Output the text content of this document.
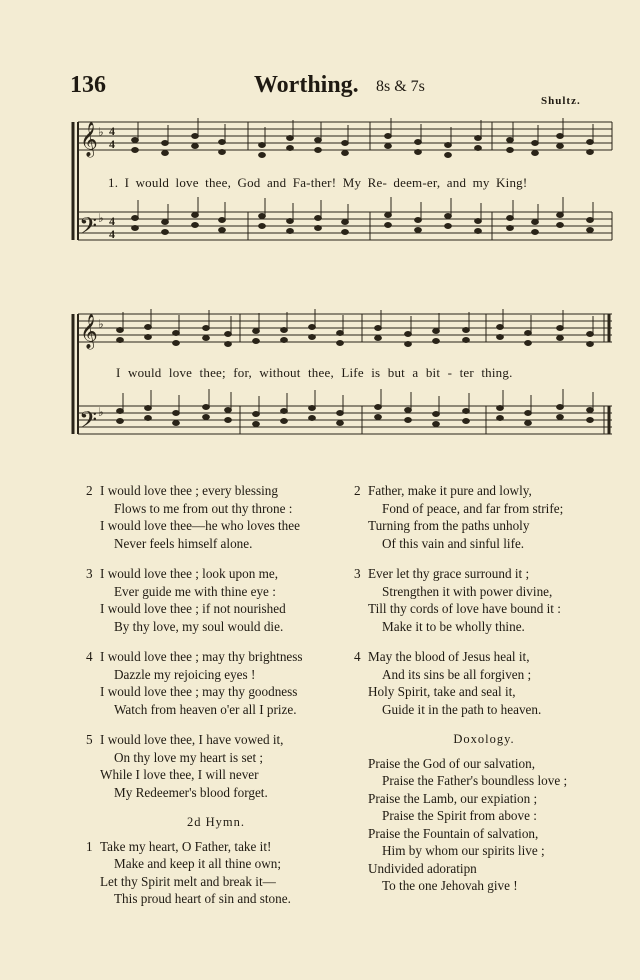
136	Worthing. 8s & 7s
Shultz.
𝄞
𝄢
♭
♭
4
4
4
4
1. I would love thee, God and Fa-ther! My Re- deem-er, and my King!
𝄞
𝄢
♭
♭
I would love thee; for, without thee, Life is but a bit - ter thing.
2 I would love thee ; every blessing
Flows to me from out thy throne :
I would love thee—he who loves thee
Never feels himself alone.
3 I would love thee ; look upon me,
Ever guide me with thine eye :
I would love thee ; if not nourished
By thy love, my soul would die.
4 I would love thee ; may thy brightness
Dazzle my rejoicing eyes !
I would love thee ; may thy goodness
Watch from heaven o'er all I prize.
5 I would love thee, I have vowed it,
On thy love my heart is set ;
While I love thee, I will never
My Redeemer's blood forget.
2d Hymn.
1 Take my heart, O Father, take it!
Make and keep it all thine own;
Let thy Spirit melt and break it—
This proud heart of sin and stone.
2 Father, make it pure and lowly,
Fond of peace, and far from strife;
Turning from the paths unholy
Of this vain and sinful life.
3 Ever let thy grace surround it ;
Strengthen it with power divine,
Till thy cords of love have bound it :
Make it to be wholly thine.
4 May the blood of Jesus heal it,
And its sins be all forgiven ;
Holy Spirit, take and seal it,
Guide it in the path to heaven.
Doxology.
Praise the God of our salvation,
Praise the Father's boundless love ;
Praise the Lamb, our expiation ;
Praise the Spirit from above :
Praise the Fountain of salvation,
Him by whom our spirits live ;
Undivided adoratipn
To the one Jehovah give !
